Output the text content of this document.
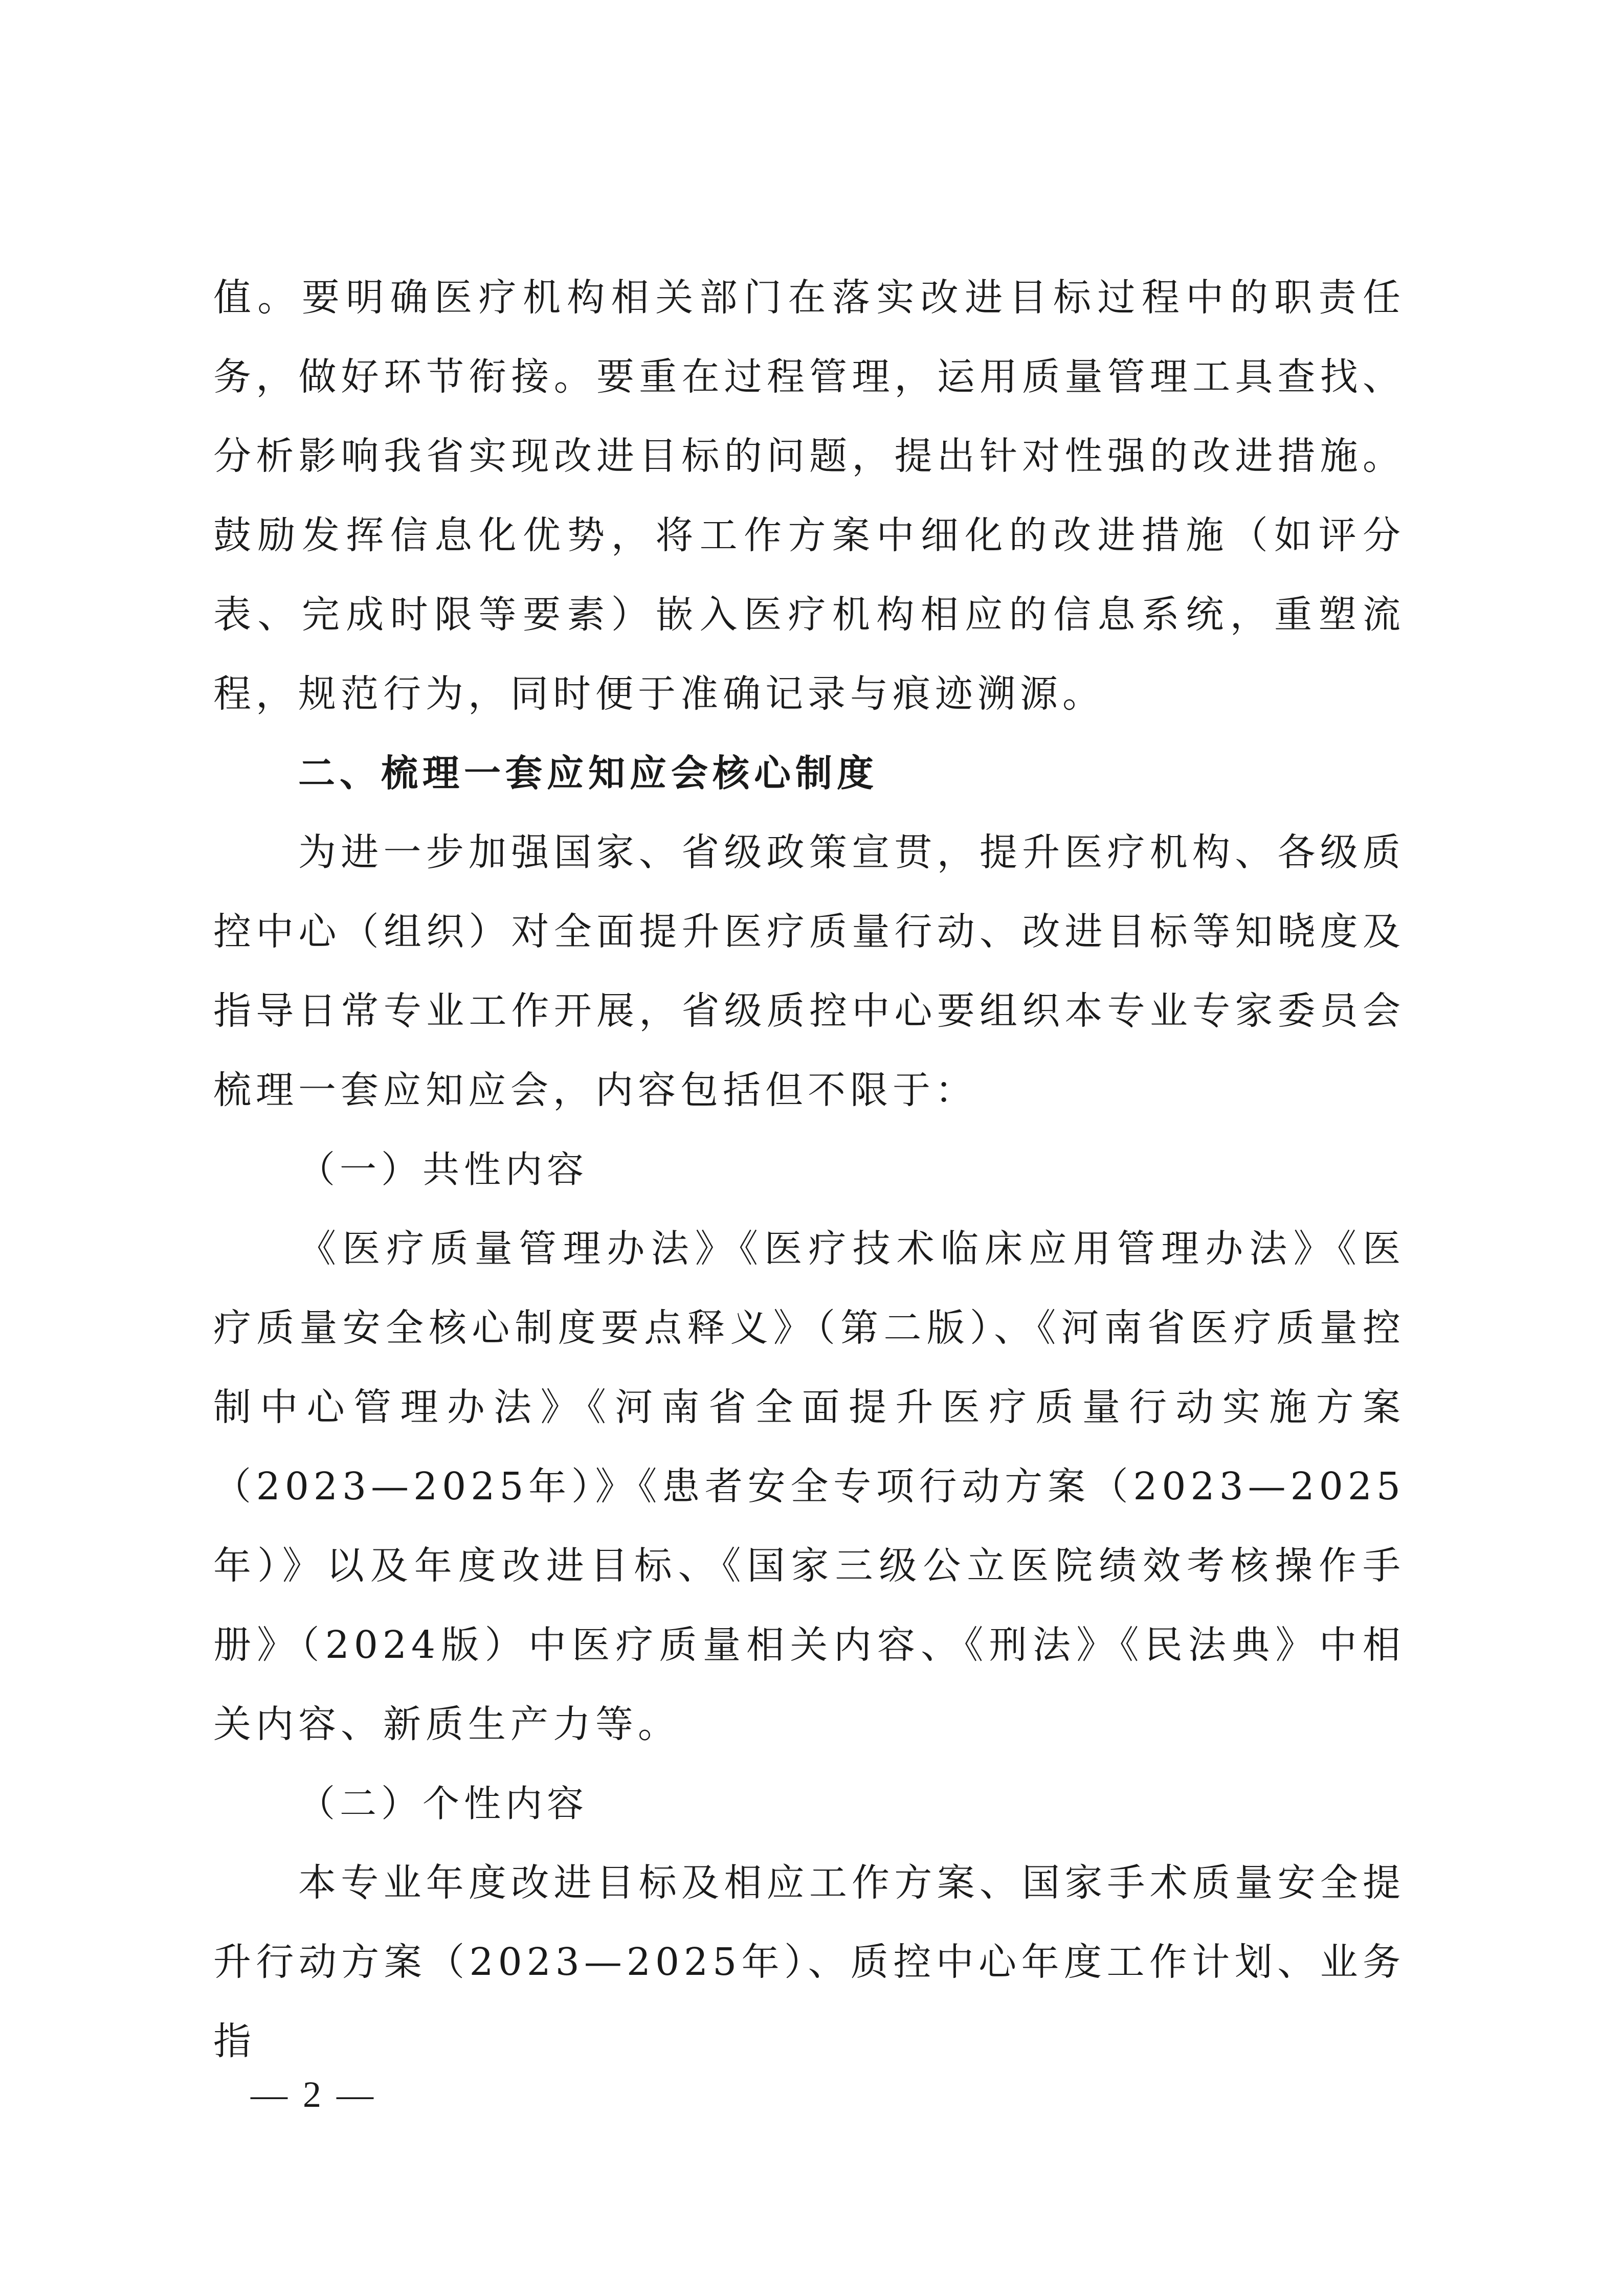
值。要明确医疗机构相关部门在落实改进目标过程中的职责任务，做好环节衔接。要重在过程管理，运用质量管理工具查找、分析影响我省实现改进目标的问题，提出针对性强的改进措施。鼓励发挥信息化优势，将工作方案中细化的改进措施（如评分表、完成时限等要素）嵌入医疗机构相应的信息系统，重塑流程，规范行为，同时便于准确记录与痕迹溯源。

二、梳理一套应知应会核心制度

为进一步加强国家、省级政策宣贯，提升医疗机构、各级质控中心（组织）对全面提升医疗质量行动、改进目标等知晓度及指导日常专业工作开展，省级质控中心要组织本专业专家委员会梳理一套应知应会，内容包括但不限于：

（一）共性内容

《医疗质量管理办法》《医疗技术临床应用管理办法》《医疗质量安全核心制度要点释义》（第二版）、《河南省医疗质量控制中心管理办法》《河南省全面提升医疗质量行动实施方案（2023—2025年）》《患者安全专项行动方案（2023—2025年）》以及年度改进目标、《国家三级公立医院绩效考核操作手册》（2024版）中医疗质量相关内容、《刑法》《民法典》中相关内容、新质生产力等。

（二）个性内容

本专业年度改进目标及相应工作方案、国家手术质量安全提升行动方案（2023—2025年）、质控中心年度工作计划、业务指

— 2 —
